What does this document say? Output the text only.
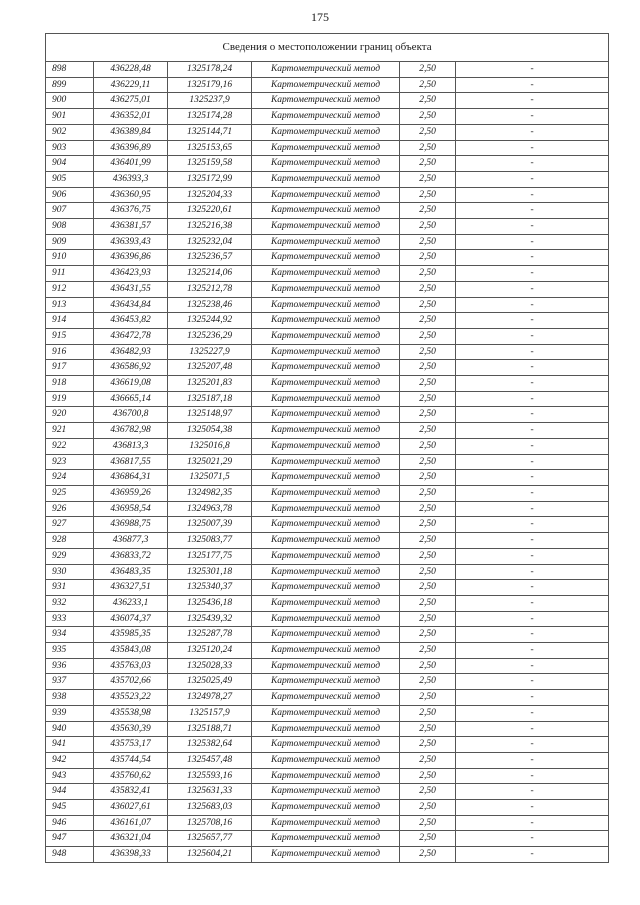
175
Сведения о местоположении границ объекта					
898	436228,48	1325178,24	Картометрический метод	2,50	-
899	436229,11	1325179,16	Картометрический метод	2,50	-
900	436275,01	1325237,9	Картометрический метод	2,50	-
901	436352,01	1325174,28	Картометрический метод	2,50	-
902	436389,84	1325144,71	Картометрический метод	2,50	-
903	436396,89	1325153,65	Картометрический метод	2,50	-
904	436401,99	1325159,58	Картометрический метод	2,50	-
905	436393,3	1325172,99	Картометрический метод	2,50	-
906	436360,95	1325204,33	Картометрический метод	2,50	-
907	436376,75	1325220,61	Картометрический метод	2,50	-
908	436381,57	1325216,38	Картометрический метод	2,50	-
909	436393,43	1325232,04	Картометрический метод	2,50	-
910	436396,86	1325236,57	Картометрический метод	2,50	-
911	436423,93	1325214,06	Картометрический метод	2,50	-
912	436431,55	1325212,78	Картометрический метод	2,50	-
913	436434,84	1325238,46	Картометрический метод	2,50	-
914	436453,82	1325244,92	Картометрический метод	2,50	-
915	436472,78	1325236,29	Картометрический метод	2,50	-
916	436482,93	1325227,9	Картометрический метод	2,50	-
917	436586,92	1325207,48	Картометрический метод	2,50	-
918	436619,08	1325201,83	Картометрический метод	2,50	-
919	436665,14	1325187,18	Картометрический метод	2,50	-
920	436700,8	1325148,97	Картометрический метод	2,50	-
921	436782,98	1325054,38	Картометрический метод	2,50	-
922	436813,3	1325016,8	Картометрический метод	2,50	-
923	436817,55	1325021,29	Картометрический метод	2,50	-
924	436864,31	1325071,5	Картометрический метод	2,50	-
925	436959,26	1324982,35	Картометрический метод	2,50	-
926	436958,54	1324963,78	Картометрический метод	2,50	-
927	436988,75	1325007,39	Картометрический метод	2,50	-
928	436877,3	1325083,77	Картометрический метод	2,50	-
929	436833,72	1325177,75	Картометрический метод	2,50	-
930	436483,35	1325301,18	Картометрический метод	2,50	-
931	436327,51	1325340,37	Картометрический метод	2,50	-
932	436233,1	1325436,18	Картометрический метод	2,50	-
933	436074,37	1325439,32	Картометрический метод	2,50	-
934	435985,35	1325287,78	Картометрический метод	2,50	-
935	435843,08	1325120,24	Картометрический метод	2,50	-
936	435763,03	1325028,33	Картометрический метод	2,50	-
937	435702,66	1325025,49	Картометрический метод	2,50	-
938	435523,22	1324978,27	Картометрический метод	2,50	-
939	435538,98	1325157,9	Картометрический метод	2,50	-
940	435630,39	1325188,71	Картометрический метод	2,50	-
941	435753,17	1325382,64	Картометрический метод	2,50	-
942	435744,54	1325457,48	Картометрический метод	2,50	-
943	435760,62	1325593,16	Картометрический метод	2,50	-
944	435832,41	1325631,33	Картометрический метод	2,50	-
945	436027,61	1325683,03	Картометрический метод	2,50	-
946	436161,07	1325708,16	Картометрический метод	2,50	-
947	436321,04	1325657,77	Картометрический метод	2,50	-
948	436398,33	1325604,21	Картометрический метод	2,50	-
